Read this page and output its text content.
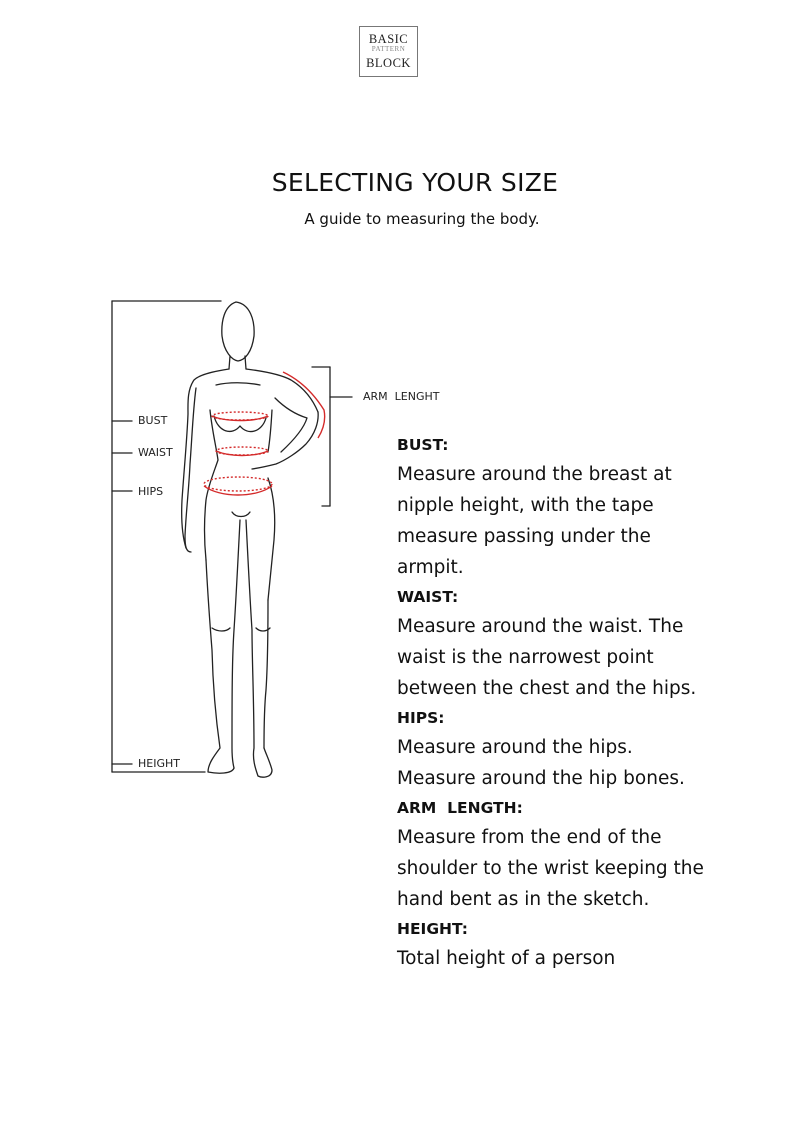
BASIC
PATTERN
BLOCK
SELECTING YOUR SIZE
A guide to measuring the body.
BUST
WAIST
HIPS
HEIGHT
ARM  LENGHT
BUST:
Measure around the breast at
nipple height, with the tape
measure passing under the
armpit.
WAIST:
Measure around the waist. The
waist is the narrowest point
between the chest and the hips.
HIPS:
Measure around the hips.
Measure around the hip bones.
ARM  LENGTH:
Measure from the end of the
shoulder to the wrist keeping the
hand bent as in the sketch.
HEIGHT:
Total height of a person
